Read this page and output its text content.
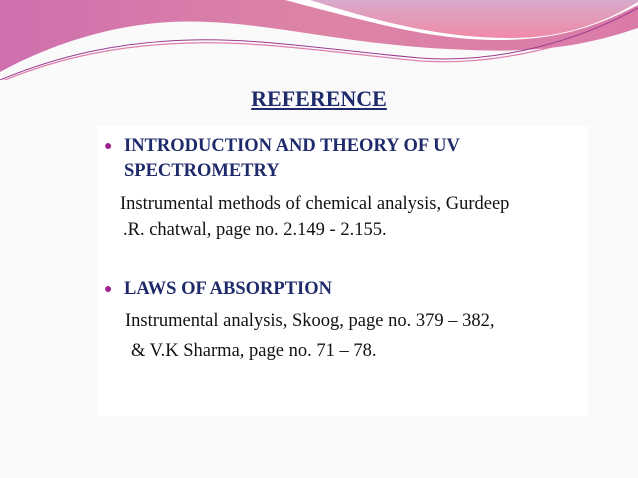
REFERENCE
● INTRODUCTION AND THEORY OF UV
SPECTROMETRY
Instrumental methods of chemical analysis, Gurdeep
.R. chatwal, page no. 2.149 - 2.155.
● LAWS OF ABSORPTION
Instrumental analysis, Skoog, page no. 379 – 382,
& V.K Sharma, page no. 71 – 78.
